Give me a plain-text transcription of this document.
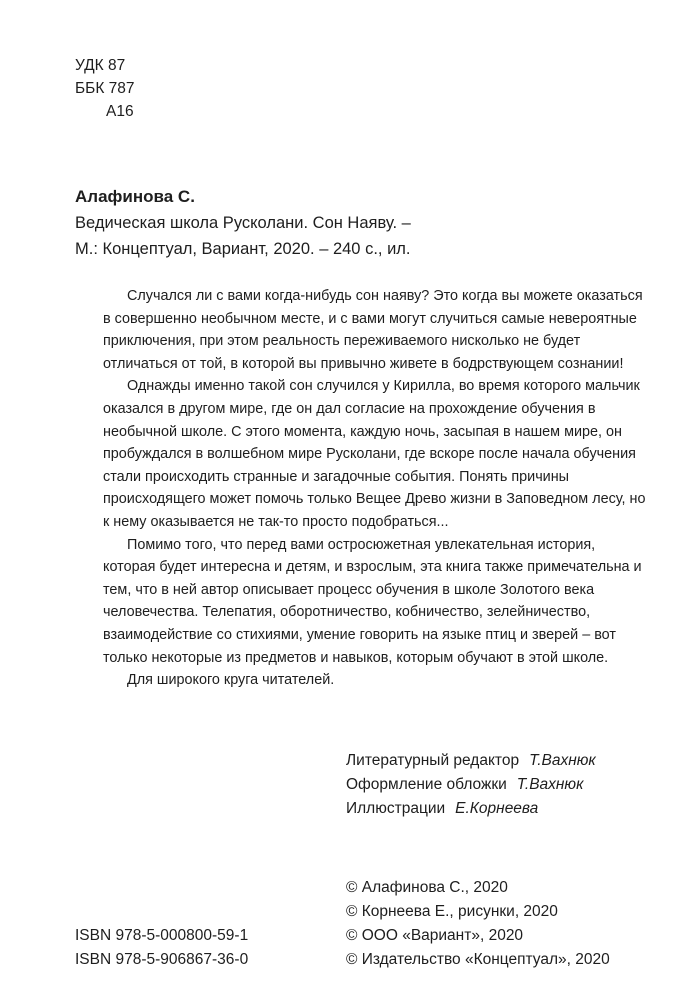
УДК 87
ББК 787
А16
Алафинова С.
Ведическая школа Русколани. Сон Наяву. –
М.: Концептуал, Вариант, 2020. – 240 с., ил.

Случался ли с вами когда-нибудь сон наяву? Это когда вы можете оказаться в совершенно необычном месте, и с вами могут случиться самые невероятные приключения, при этом реальность переживаемого нисколько не будет отличаться от той, в которой вы привычно живете в бодрствующем сознании!

Однажды именно такой сон случился у Кирилла, во время которого мальчик оказался в другом мире, где он дал согласие на прохождение обучения в необычной школе. С этого момента, каждую ночь, засыпая в нашем мире, он пробуждался в волшебном мире Русколани, где вскоре после начала обучения стали происходить странные и загадочные события. Понять причины происходящего может помочь только Вещее Древо жизни в Заповедном лесу, но к нему оказывается не так-то просто подобраться...

Помимо того, что перед вами остросюжетная увлекательная история, которая будет интересна и детям, и взрослым, эта книга также примечательна и тем, что в ней автор описывает процесс обучения в школе Золотого века человечества. Телепатия, оборотничество, кобничество, зелейничество, взаимодействие со стихиями, умение говорить на языке птиц и зверей – вот только некоторые из предметов и навыков, которым обучают в этой школе.

Для широкого круга читателей.

Литературный редактор Т.Вахнюк
Оформление обложки Т.Вахнюк
Иллюстрации Е.Корнеева
ISBN 978-5-000800-59-1
ISBN 978-5-906867-36-0
© Алафинова С., 2020
© Корнеева Е., рисунки, 2020
© ООО «Вариант», 2020
© Издательство «Концептуал», 2020
